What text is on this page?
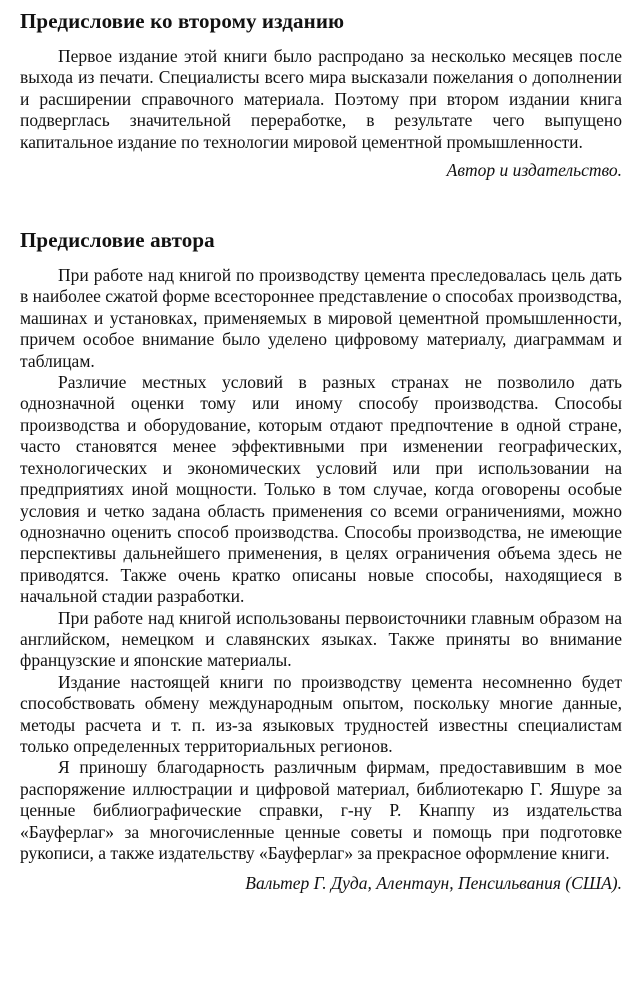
Предисловие ко второму изданию

Первое издание этой книги было распродано за несколько месяцев после выхода из печати. Специалисты всего мира высказали пожелания о дополнении и расширении справочного материала. Поэтому при втором издании книга подверглась значительной переработке, в результате чего выпущено капитальное издание по технологии мировой цементной промышленности.

Автор и издательство.
Предисловие автора

При работе над книгой по производству цемента преследовалась цель дать в наиболее сжатой форме всестороннее представление о способах производства, машинах и установках, применяемых в мировой цементной промышленности, причем особое внимание было уделено цифровому материалу, диаграммам и таблицам.

Различие местных условий в разных странах не позволило дать однозначной оценки тому или иному способу производства. Способы производства и оборудование, которым отдают предпочтение в одной стране, часто становятся менее эффективными при изменении географических, технологических и экономических условий или при использовании на предприятиях иной мощности. Только в том случае, когда оговорены особые условия и четко задана область применения со всеми ограничениями, можно однозначно оценить способ производства. Способы производства, не имеющие перспективы дальнейшего применения, в целях ограничения объема здесь не приводятся. Также очень кратко описаны новые способы, находящиеся в начальной стадии разработки.

При работе над книгой использованы первоисточники главным образом на английском, немецком и славянских языках. Также приняты во внимание французские и японские материалы.

Издание настоящей книги по производству цемента несомненно будет способствовать обмену международным опытом, поскольку многие данные, методы расчета и т. п. из-за языковых трудностей известны специалистам только определенных территориальных регионов.

Я приношу благодарность различным фирмам, предоставившим в мое распоряжение иллюстрации и цифровой материал, библиотекарю Г. Яшуре за ценные библиографические справки, г-ну Р. Кнаппу из издательства «Бауферлаг» за многочисленные ценные советы и помощь при подготовке рукописи, а также издательству «Бауферлаг» за прекрасное оформление книги.

Вальтер Г. Дуда, Алентаун, Пенсильвания (США).
